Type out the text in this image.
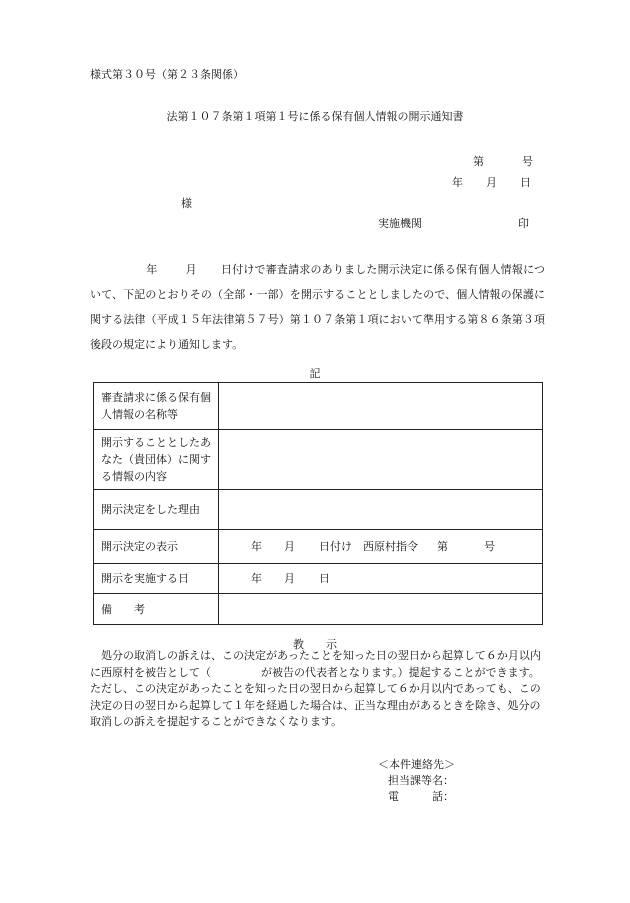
様式第３０号（第２３条関係）
法第１０７条第１項第１号に係る保有個人情報の開示通知書
第	号
年 月 日
様
実施機関	印
年	月 日付けで審査請求のありました開示決定に係る保有個人情報について、下記のとおりその（全部・一部）を開示することとしましたので、個人情報の保護に関する法律（平成１５年法律第５７号）第１０７条第１項において準用する第８６条第３項後段の規定により通知します。
記
審査請求に係る保有個人情報の名称等	
開示することとしたあなた（貴団体）に関する情報の内容	
開示決定をした理由	
開示決定の表示	年 月 日付け 西原村指令 第 号
開示を実施する日	年 月 日
備　　考	
教　　示
　処分の取消しの訴えは、この決定があったことを知った日の翌日から起算して６か月以内に西原村を被告として（	が被告の代表者となります。）提起することができます。ただし、この決定があったことを知った日の翌日から起算して６か月以内であっても、この決定の日の翌日から起算して１年を経過した場合は、正当な理由があるときを除き、処分の取消しの訴えを提起することができなくなります。
＜本件連絡先＞
担当課等名：
電　　　話：
